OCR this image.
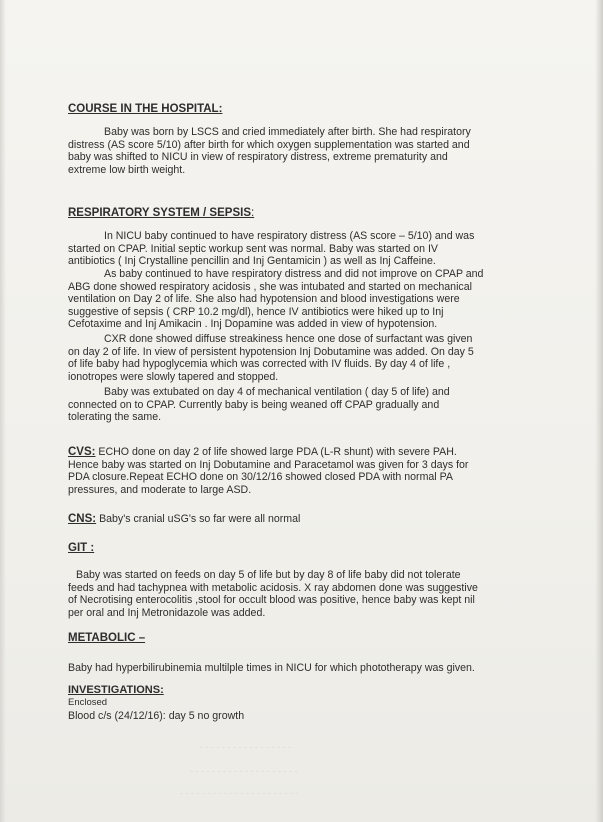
COURSE IN THE HOSPITAL:
Baby was born by LSCS and cried immediately after birth. She had respiratory
distress (AS score 5/10) after birth for which oxygen supplementation was started and
baby was shifted to NICU in view of respiratory distress, extreme prematurity and
extreme low birth weight.
RESPIRATORY SYSTEM / SEPSIS:
In NICU baby continued to have respiratory distress (AS score – 5/10) and was
started on CPAP. Initial septic workup sent was normal. Baby was started on IV
antibiotics ( Inj Crystalline pencillin and Inj Gentamicin ) as well as Inj Caffeine.
As baby continued to have respiratory distress and did not improve on CPAP and
ABG done showed respiratory acidosis , she was intubated and started on mechanical
ventilation on Day 2 of life. She also had hypotension and blood investigations were
suggestive of sepsis ( CRP 10.2 mg/dl), hence IV antibiotics were hiked up to Inj
Cefotaxime and Inj Amikacin . Inj Dopamine was added in view of hypotension.
CXR done showed diffuse streakiness hence one dose of surfactant was given
on day 2 of life. In view of persistent hypotension Inj Dobutamine was added. On day 5
of life baby had hypoglycemia which was corrected with IV fluids. By day 4 of life ,
ionotropes were slowly tapered and stopped.
Baby was extubated on day 4 of mechanical ventilation ( day 5 of life) and
connected on to CPAP. Currently baby is being weaned off CPAP gradually and
tolerating the same.
CVS: ECHO done on day 2 of life showed large PDA (L-R shunt) with severe PAH.
Hence baby was started on Inj Dobutamine and Paracetamol was given for 3 days for
PDA closure.Repeat ECHO done on 30/12/16 showed closed PDA with normal PA
pressures, and moderate to large ASD.
CNS: Baby's cranial uSG's so far were all normal
GIT :
Baby was started on feeds on day 5 of life but by day 8 of life baby did not tolerate
feeds and had tachypnea with metabolic acidosis. X ray abdomen done was suggestive
of Necrotising enterocolitis ,stool for occult blood was positive, hence baby was kept nil
per oral and Inj Metronidazole was added.
METABOLIC –
Baby had hyperbilirubinemia multilple times in NICU for which phototherapy was given.
INVESTIGATIONS:
Enclosed
Blood c/s (24/12/16): day 5 no growth
- - - - - - - - - - - - - - - - -
- - - - - - - - - - - - - - - - - - - -
- - - - - - - - - - - - - - - - - - - - - -
